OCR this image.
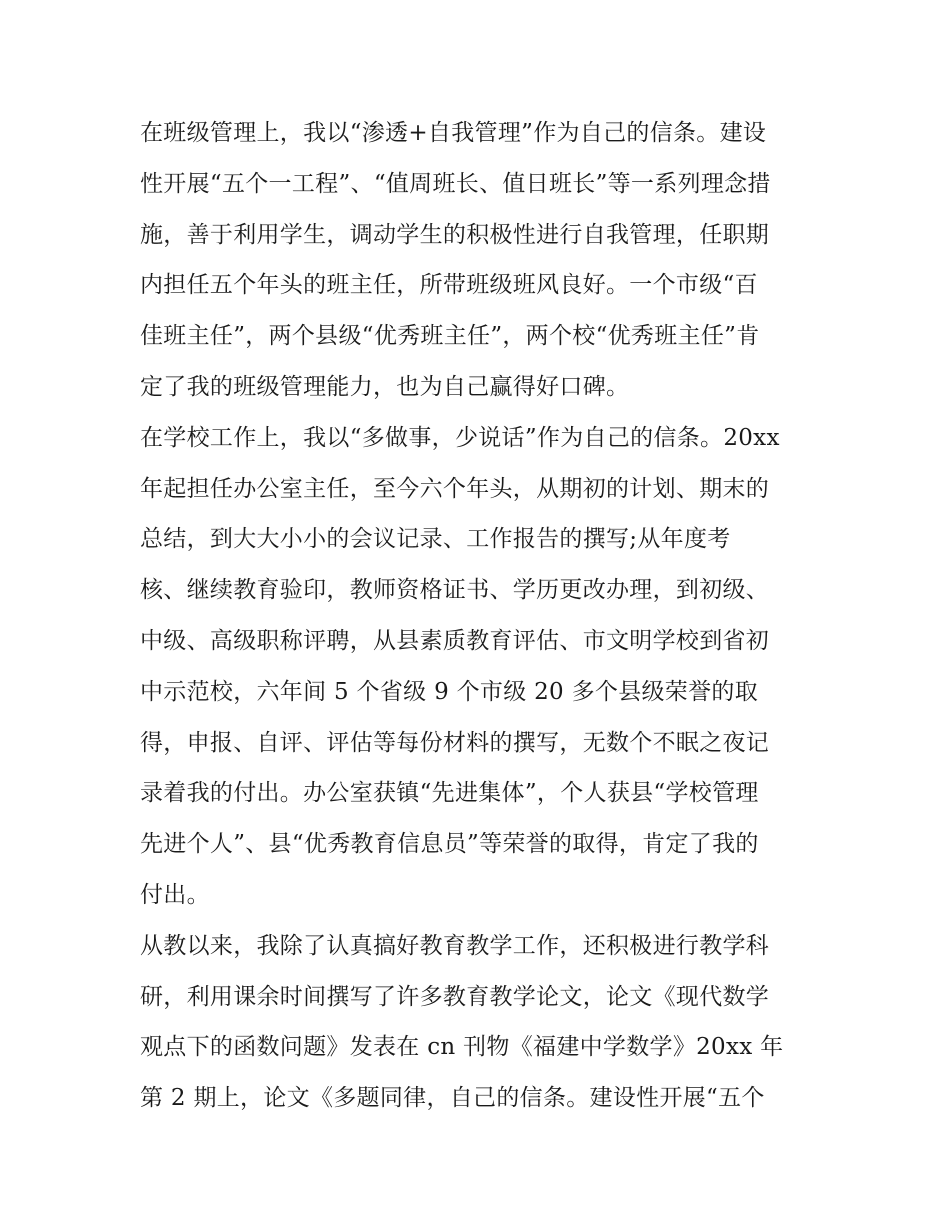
在班级管理上，我以“渗透+自我管理”作为自己的信条。建设
性开展“五个一工程”、“值周班长、值日班长”等一系列理念措
施，善于利用学生，调动学生的积极性进行自我管理，任职期
内担任五个年头的班主任，所带班级班风良好。一个市级“百
佳班主任”，两个县级“优秀班主任”，两个校“优秀班主任”肯
定了我的班级管理能力，也为自己赢得好口碑。
在学校工作上，我以“多做事，少说话”作为自己的信条。20xx
年起担任办公室主任，至今六个年头，从期初的计划、期末的
总结，到大大小小的会议记录、工作报告的撰写;从年度考
核、继续教育验印，教师资格证书、学历更改办理，到初级、
中级、高级职称评聘，从县素质教育评估、市文明学校到省初
中示范校，六年间 5 个省级 9 个市级 20 多个县级荣誉的取
得，申报、自评、评估等每份材料的撰写，无数个不眠之夜记
录着我的付出。办公室获镇“先进集体”，个人获县“学校管理
先进个人”、县“优秀教育信息员”等荣誉的取得，肯定了我的
付出。
从教以来，我除了认真搞好教育教学工作，还积极进行教学科
研，利用课余时间撰写了许多教育教学论文，论文《现代数学
观点下的函数问题》发表在 cn 刊物《福建中学数学》20xx 年
第 2 期上，论文《多题同律，自己的信条。建设性开展“五个
